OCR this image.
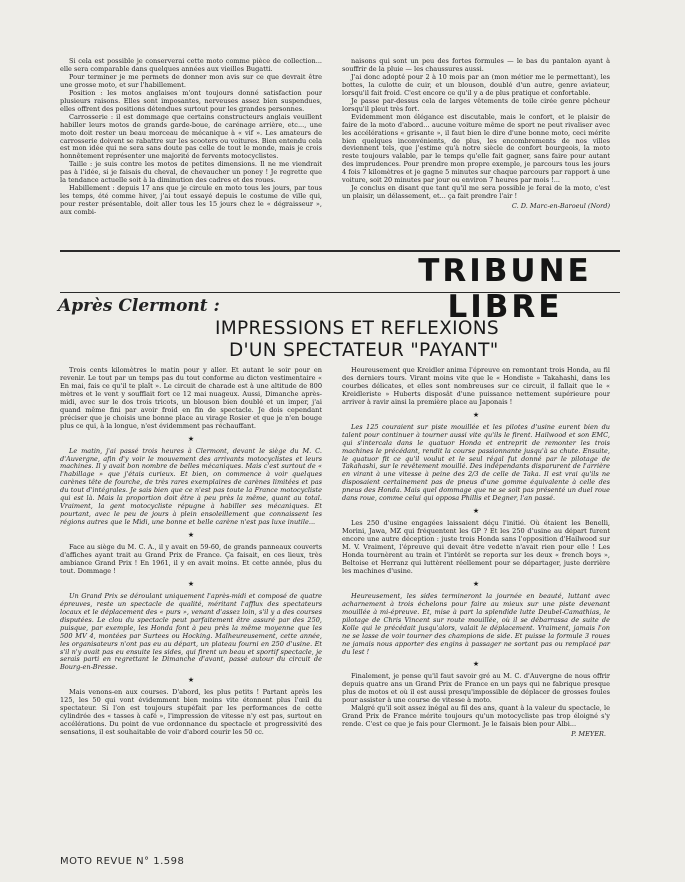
Si cela est possible je conserverai cette moto comme pièce de collection... elle sera comparable dans quelques années aux vieilles Bugatti.

Pour terminer je me permets de donner mon avis sur ce que devrait être une grosse moto, et sur l'habillement.

Position : les motos anglaises m'ont toujours donné satisfaction pour plusieurs raisons. Elles sont imposantes, nerveuses assez bien suspendues, elles offrent des positions détendues surtout pour les grandes personnes.

Carrosserie : il est dommage que certains constructeurs anglais veuillent habiller leurs motos de grands garde-boue, de carénage arrière, etc..., une moto doit rester un beau morceau de mécanique à « vif ». Les amateurs de carrosserie doivent se rabattre sur les scooters ou voitures. Bien entendu cela est mon idée qui ne sera sans doute pas celle de tout le monde, mais je crois honnêtement représenter une majorité de fervents motocyclistes.

Taille : je suis contre les motos de petites dimensions. Il ne me viendrait pas à l'idée, si je faisais du cheval, de chevaucher un poney ! Je regrette que la tendance actuelle soit à la diminution des cadres et des roues.

Habillement : depuis 17 ans que je circule en moto tous les jours, par tous les temps, été comme hiver, j'ai tout essayé depuis le costume de ville qui, pour rester présentable, doit aller tous les 15 jours chez le « dégraisseur », aux combi-

naisons qui sont un peu des fortes formules — le bas du pantalon ayant à souffrir de la pluie — les chaussures aussi.

J'ai donc adopté pour 2 à 10 mois par an (mon métier me le permettant), les bottes, la culotte de cuir, et un blouson, doublé d'un autre, genre aviateur, lorsqu'il fait froid. C'est encore ce qu'il y a de plus pratique et confortable.

Je passe par-dessus cela de larges vêtements de toile cirée genre pêcheur lorsqu'il pleut très fort.

Evidemment mon élégance est discutable, mais le confort, et le plaisir de faire de la moto d'abord... aucune voiture même de sport ne peut rivaliser avec les accélérations « grisante », il faut bien le dire d'une bonne moto, ceci mérite bien quelques inconvénients, de plus, les encombrements de nos villes deviennent tels, que j'estime qu'à notre siècle de confort bourgeois, la moto reste toujours valable, par le temps qu'elle fait gagner, sans faire pour autant des imprudences. Pour prendre mon propre exemple, je parcours tous les jours 4 fois 7 kilomètres et je gagne 5 minutes sur chaque parcours par rapport à une voiture, soit 20 minutes par jour ou environ 7 heures par mois !...

Je conclus en disant que tant qu'il me sera possible je ferai de la moto, c'est un plaisir, un délassement, et... ça fait prendre l'air !

C. D. Marc-en-Baroeul (Nord)
TRIBUNE LIBRE
Après Clermont :
IMPRESSIONS ET REFLEXIONS
D'UN SPECTATEUR "PAYANT"

Trois cents kilomètres le matin pour y aller. Et autant le soir pour en revenir. Le tout par un temps pas du tout conforme au dicton vestimentaire « En mai, fais ce qu'il te plaît ». Le circuit de charade est à une altitude de 800 mètres et le vent y soufflait fort ce 12 mai nuageux. Aussi, Dimanche après-midi, avec sur le dos trois tricots, un blouson bien doublé et un imper, j'ai quand même fini par avoir froid en fin de spectacle. Je dois cependant préciser que je choisis une bonne place au virage Rosier et que je n'en bouge plus ce qui, à la longue, n'est évidemment pas réchauffant.

★

Le matin, j'ai passé trois heures à Clermont, devant le siège du M. C. d'Auvergne, afin d'y voir le mouvement des arrivants motocyclistes et leurs machines. Il y avait bon nombre de belles mécaniques. Mais c'est surtout de « l'habillage » que j'étais curieux. Et bien, on commence à voir quelques carènes tête de fourche, de très rares exemplaires de carènes limitées et pas du tout d'intégrales. Je sais bien que ce n'est pas toute la France motocycliste qui est là. Mais la proportion doit être à peu près la même, quant au total. Vraiment, la gent motocycliste répugne à habiller ses mécaniques. Et pourtant, avec le peu de jours à plein ensoleillement que connaissent les régions autres que le Midi, une bonne et belle carène n'est pas luxe inutile...

★

Face au siège du M. C. A., il y avait en 59-60, de grands panneaux couverts d'affiches ayant trait au Grand Prix de France. Ça faisait, en ces lieux, très ambiance Grand Prix ! En 1961, il y en avait moins. Et cette année, plus du tout. Dommage !

★

Un Grand Prix se déroulant uniquement l'après-midi et composé de quatre épreuves, reste un spectacle de qualité, méritant l'afflux des spectateurs locaux et le déplacement des « purs », venant d'assez loin, s'il y a des courses disputées. Le clou du spectacle peut parfaitement être assuré par des 250, puisque, par exemple, les Honda font à peu près la même moyenne que les 500 MV 4, montées par Surtees ou Hocking. Malheureusement, cette année, les organisateurs n'ont pas eu au départ, un plateau fourni en 250 d'usine. Et s'il n'y avait pas eu ensuite les sides, qui firent un beau et sportif spectacle, je serais parti en regrettant le Dimanche d'avant, passé autour du circuit de Bourg-en-Bresse.

★

Mais venons-en aux courses. D'abord, les plus petits ! Partant après les 125, les 50 qui vont évidemment bien moins vite étonnent plus l'œil du spectateur. Si l'on est toujours stupéfait par les performances de cette cylindrée des « tasses à café », l'impression de vitesse n'y est pas, surtout en accélérations. Du point de vue ordonnance du spectacle et progressivité des sensations, il est souhaitable de voir d'abord courir les 50 cc.

Heureusement que Kreidler anima l'épreuve en remontant trois Honda, au fil des derniers tours. Virant moins vite que le « Hondiste » Takahashi, dans les courbes délicates, et elles sont nombreuses sur ce circuit, il fallait que le « Kreidleriste » Huberts disposât d'une puissance nettement supérieure pour arriver à ravir ainsi la première place au Japonais !

★

Les 125 couraient sur piste mouillée et les pilotes d'usine eurent bien du talent pour continuer à tourner aussi vite qu'ils le firent. Hailwood et son EMC, qui s'intercala dans le quatuor Honda et entreprit de remonter les trois machines le précédant, rendit la course passionnante jusqu'à sa chute. Ensuite, le quatuor fit ce qu'il voulut et le seul régal fut donné par le pilotage de Takahashi, sur le revêtement mouillé. Des indépendants disparurent de l'arrière en virant à une vitesse à peine des 2/3 de celle de Taka. Il est vrai qu'ils ne disposaient certainement pas de pneus d'une gomme équivalente à celle des pneus des Honda. Mais quel dommage que ne se soit pas présenté un duel roue dans roue, comme celui qui opposa Phillis et Degner, l'an passé.

★

Les 250 d'usine engagées laissaient déçu l'initié. Où étaient les Benelli, Morini, Jawa, MZ qui fréquentent les GP ? Et les 250 d'usine au départ furent encore une autre déception : juste trois Honda sans l'opposition d'Hailwood sur M. V. Vraiment, l'épreuve qui devait être vedette n'avait rien pour elle ! Les Honda tournèrent au train et l'intérêt se reporta sur les deux « french boys », Beltoise et Herranz qui luttèrent réellement pour se départager, juste derrière les machines d'usine.

★

Heureusement, les sides termineront la journée en beauté, luttant avec acharnement à trois échelons pour faire au mieux sur une piste devenant mouillée à mi-épreuve. Et, mise à part la splendide lutte Deubel-Camathias, le pilotage de Chris Vincent sur route mouillée, où il se débarrassa de suite de Kolle qui le précédait jusqu'alors, valait le déplacement. Vraiment, jamais l'on ne se lasse de voir tourner des champions de side. Et puisse la formule 3 roues ne jamais nous apporter des engins à passager ne sortant pas ou remplacé par du lest !

★

Finalement, je pense qu'il faut savoir gré au M. C. d'Auvergne de nous offrir depuis quatre ans un Grand Prix de France en un pays qui ne fabrique presque plus de motos et où il est aussi presqu'impossible de déplacer de grosses foules pour assister à une course de vitesse à moto.

Malgré qu'il soit assez inégal au fil des ans, quant à la valeur du spectacle, le Grand Prix de France mérite toujours qu'un motocycliste pas trop éloigné s'y rende. C'est ce que je fais pour Clermont. Je le faisais bien pour Albi...

P. MEYER.
MOTO REVUE N° 1.598
